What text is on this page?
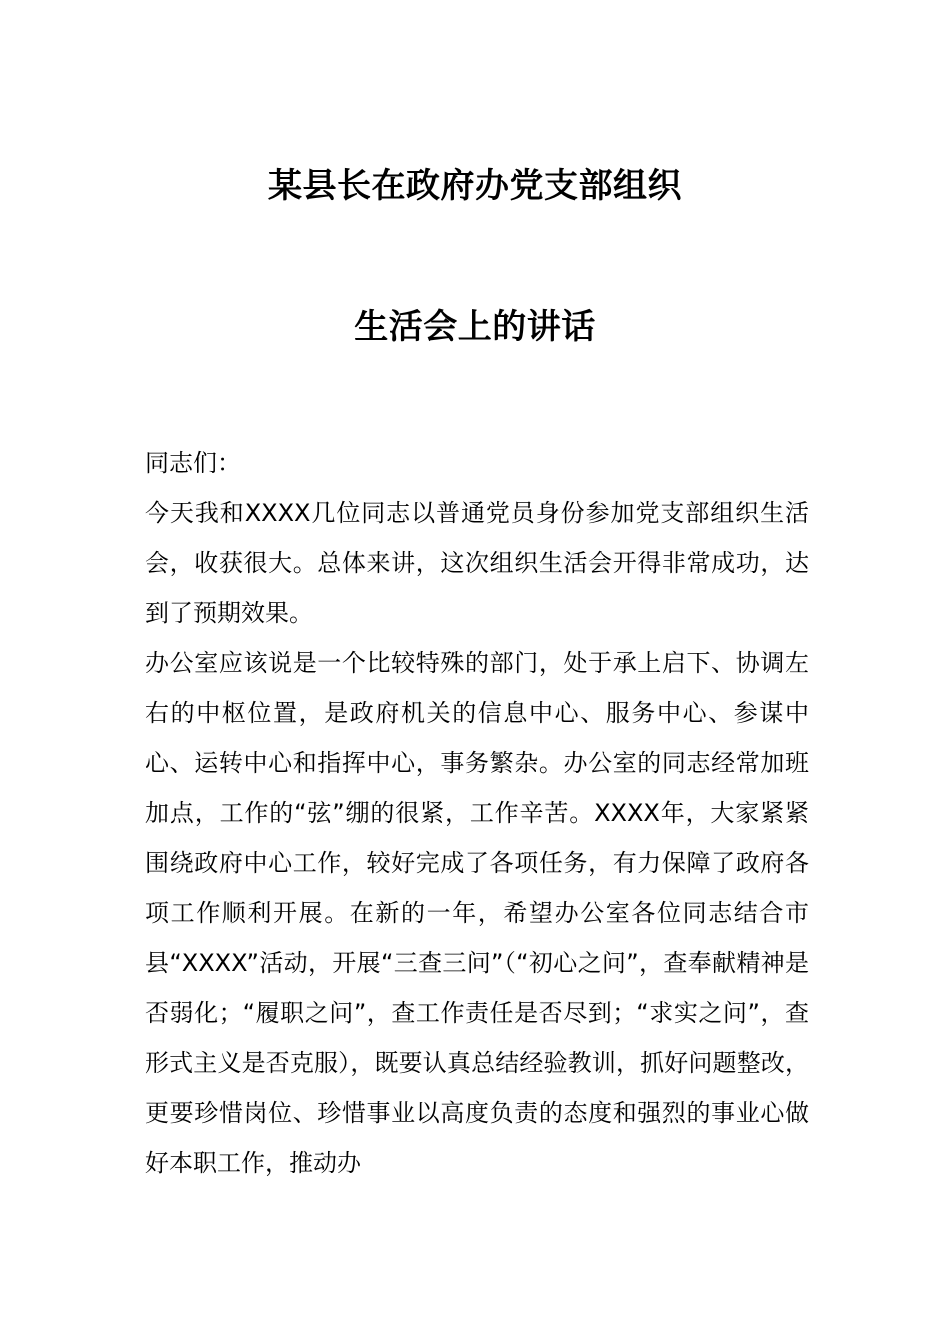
某县长在政府办党支部组织
生活会上的讲话

同志们：

今天我和XXXX几位同志以普通党员身份参加党支部组织生活会，收获很大。总体来讲，这次组织生活会开得非常成功，达到了预期效果。

办公室应该说是一个比较特殊的部门，处于承上启下、协调左右的中枢位置，是政府机关的信息中心、服务中心、参谋中心、运转中心和指挥中心，事务繁杂。办公室的同志经常加班加点，工作的“弦”绷的很紧，工作辛苦。XXXX年，大家紧紧围绕政府中心工作，较好完成了各项任务，有力保障了政府各项工作顺利开展。在新的一年，希望办公室各位同志结合市县“XXXX”活动，开展“三查三问”（“初心之问”，查奉献精神是否弱化；“履职之问”，查工作责任是否尽到；“求实之问”，查形式主义是否克服），既要认真总结经验教训，抓好问题整改，更要珍惜岗位、珍惜事业以高度负责的态度和强烈的事业心做好本职工作，推动办
